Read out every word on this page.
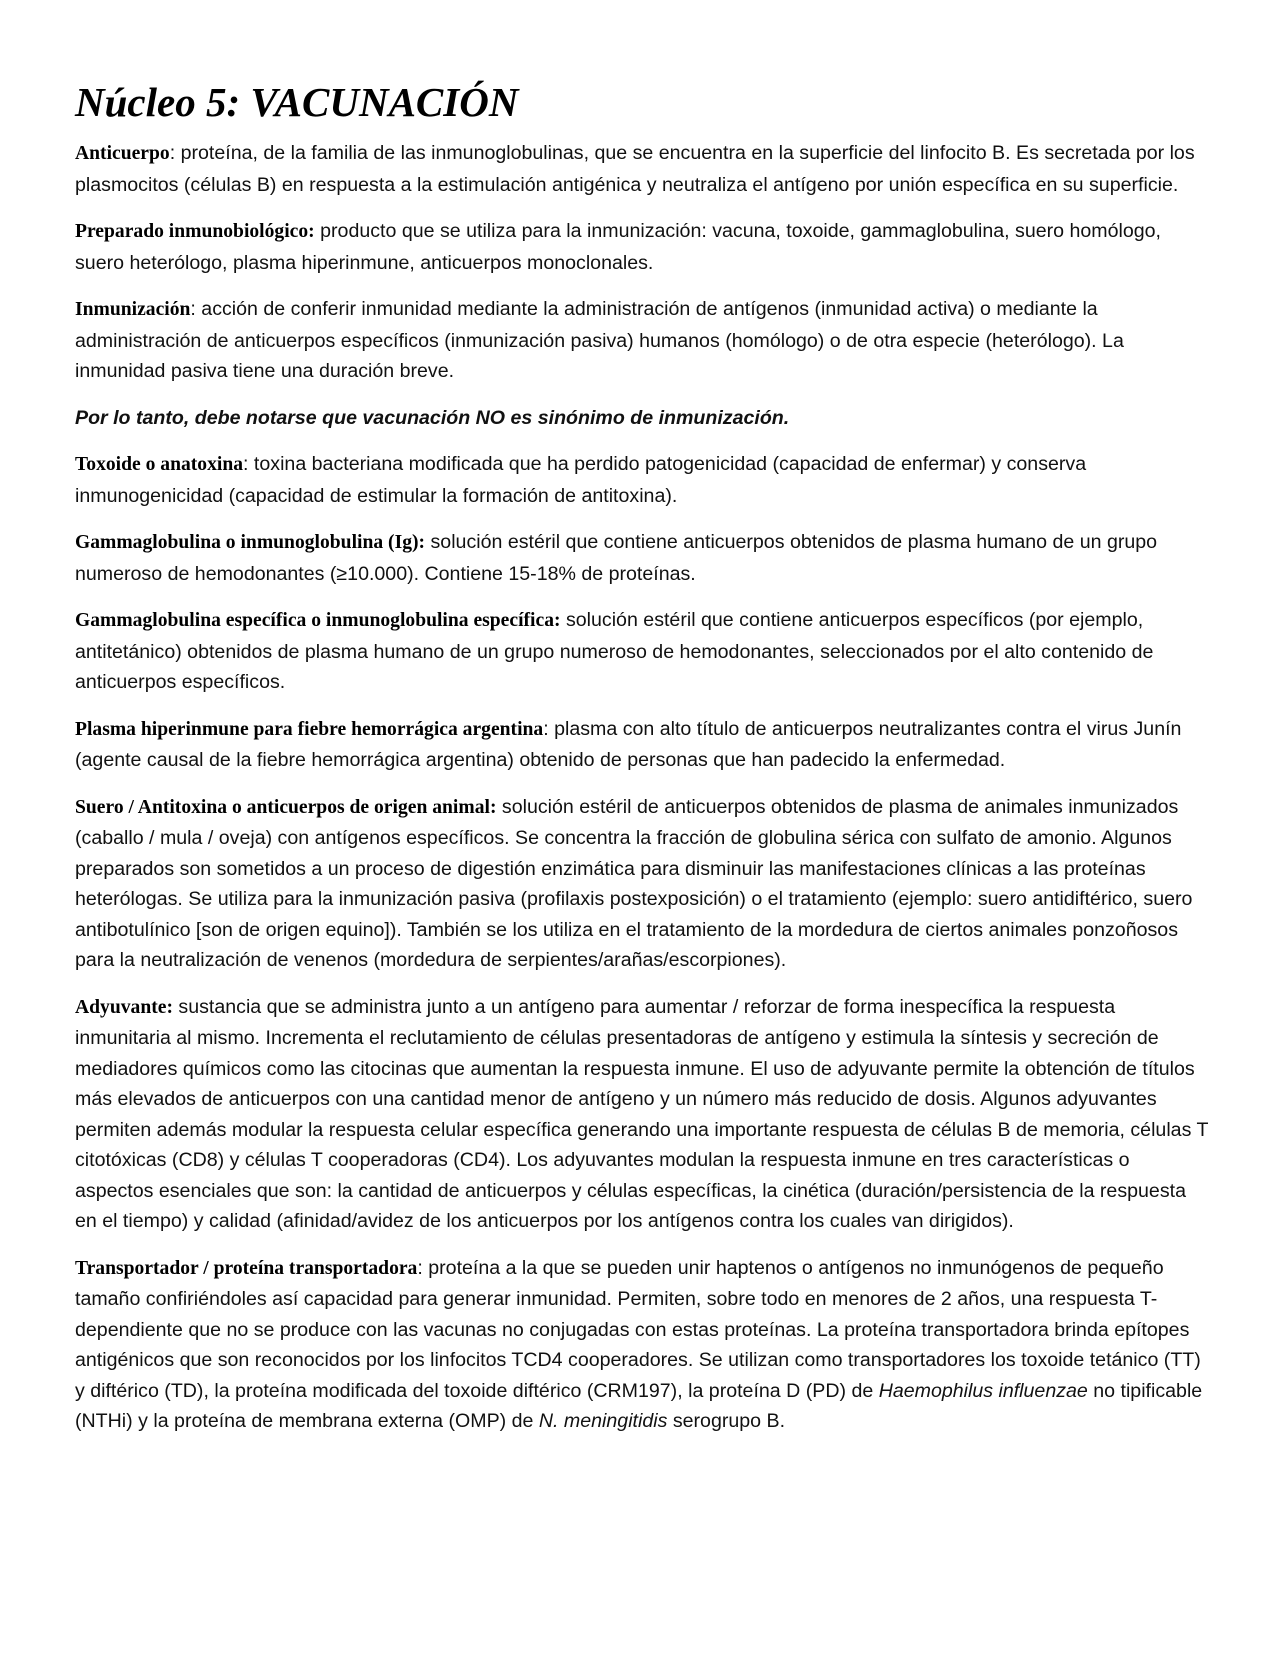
Núcleo 5: VACUNACIÓN

Anticuerpo: proteína, de la familia de las inmunoglobulinas, que se encuentra en la superficie del linfocito B. Es secretada por los plasmocitos (células B) en respuesta a la estimulación antigénica y neutraliza el antígeno por unión específica en su superficie.

Preparado inmunobiológico: producto que se utiliza para la inmunización: vacuna, toxoide, gammaglobulina, suero homólogo, suero heterólogo, plasma hiperinmune, anticuerpos monoclonales.

Inmunización: acción de conferir inmunidad mediante la administración de antígenos (inmunidad activa) o mediante la administración de anticuerpos específicos (inmunización pasiva) humanos (homólogo) o de otra especie (heterólogo). La inmunidad pasiva tiene una duración breve.

Por lo tanto, debe notarse que vacunación NO es sinónimo de inmunización.

Toxoide o anatoxina: toxina bacteriana modificada que ha perdido patogenicidad (capacidad de enfermar) y conserva inmunogenicidad (capacidad de estimular la formación de antitoxina).

Gammaglobulina o inmunoglobulina (Ig): solución estéril que contiene anticuerpos obtenidos de plasma humano de un grupo numeroso de hemodonantes (≥10.000). Contiene 15-18% de proteínas.

Gammaglobulina específica o inmunoglobulina específica: solución estéril que contiene anticuerpos específicos (por ejemplo, antitetánico) obtenidos de plasma humano de un grupo numeroso de hemodonantes, seleccionados por el alto contenido de anticuerpos específicos.

Plasma hiperinmune para fiebre hemorrágica argentina: plasma con alto título de anticuerpos neutralizantes contra el virus Junín (agente causal de la fiebre hemorrágica argentina) obtenido de personas que han padecido la enfermedad.

Suero / Antitoxina o anticuerpos de origen animal: solución estéril de anticuerpos obtenidos de plasma de animales inmunizados (caballo / mula / oveja) con antígenos específicos. Se concentra la fracción de globulina sérica con sulfato de amonio. Algunos preparados son sometidos a un proceso de digestión enzimática para disminuir las manifestaciones clínicas a las proteínas heterólogas. Se utiliza para la inmunización pasiva (profilaxis postexposición) o el tratamiento (ejemplo: suero antidiftérico, suero antibotulínico [son de origen equino]). También se los utiliza en el tratamiento de la mordedura de ciertos animales ponzoñosos para la neutralización de venenos (mordedura de serpientes/arañas/escorpiones).

Adyuvante: sustancia que se administra junto a un antígeno para aumentar / reforzar de forma inespecífica la respuesta inmunitaria al mismo. Incrementa el reclutamiento de células presentadoras de antígeno y estimula la síntesis y secreción de mediadores químicos como las citocinas que aumentan la respuesta inmune. El uso de adyuvante permite la obtención de títulos más elevados de anticuerpos con una cantidad menor de antígeno y un número más reducido de dosis. Algunos adyuvantes permiten además modular la respuesta celular específica generando una importante respuesta de células B de memoria, células T citotóxicas (CD8) y células T cooperadoras (CD4). Los adyuvantes modulan la respuesta inmune en tres características o aspectos esenciales que son: la cantidad de anticuerpos y células específicas, la cinética (duración/persistencia de la respuesta en el tiempo) y calidad (afinidad/avidez de los anticuerpos por los antígenos contra los cuales van dirigidos).

Transportador / proteína transportadora: proteína a la que se pueden unir haptenos o antígenos no inmunógenos de pequeño tamaño confiriéndoles así capacidad para generar inmunidad. Permiten, sobre todo en menores de 2 años, una respuesta T-dependiente que no se produce con las vacunas no conjugadas con estas proteínas. La proteína transportadora brinda epítopes antigénicos que son reconocidos por los linfocitos TCD4 cooperadores. Se utilizan como transportadores los toxoide tetánico (TT) y diftérico (TD), la proteína modificada del toxoide diftérico (CRM197), la proteína D (PD) de Haemophilus influenzae no tipificable (NTHi) y la proteína de membrana externa (OMP) de N. meningitidis serogrupo B.
